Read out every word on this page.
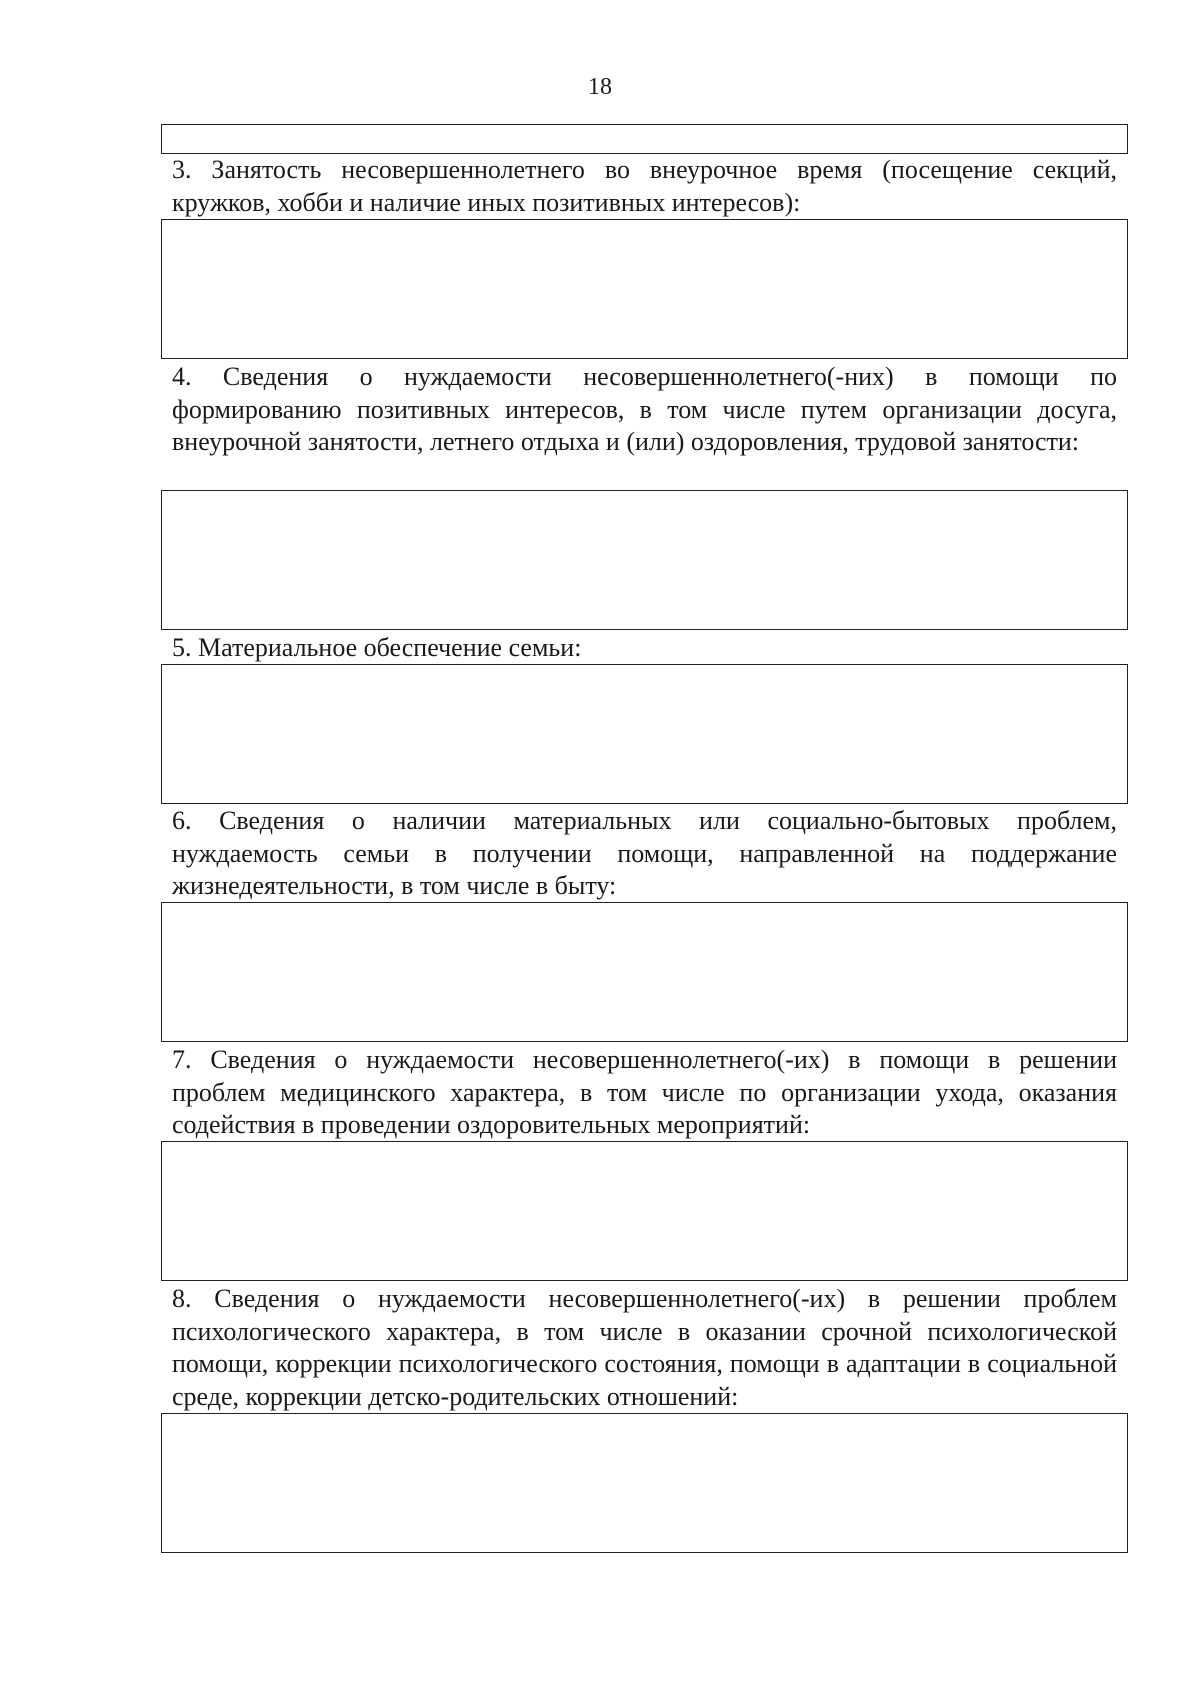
18

3. Занятость несовершеннолетнего во внеурочное время (посещение секций, кружков, хобби и наличие иных позитивных интересов):

4. Сведения о нуждаемости несовершеннолетнего(-них) в помощи по формированию позитивных интересов, в том числе путем организации досуга, внеурочной занятости, летнего отдыха и (или) оздоровления, трудовой занятости:

5. Материальное обеспечение семьи:

6. Сведения о наличии материальных или социально-бытовых проблем, нуждаемость семьи в получении помощи, направленной на поддержание жизнедеятельности, в том числе в быту:

7. Сведения о нуждаемости несовершеннолетнего(-их) в помощи в решении проблем медицинского характера, в том числе по организации ухода, оказания содействия в проведении оздоровительных мероприятий:

8. Сведения о нуждаемости несовершеннолетнего(-их) в решении проблем психологического характера, в том числе в оказании срочной психологической помощи, коррекции психологического состояния, помощи в адаптации в социальной среде, коррекции детско-родительских отношений:
